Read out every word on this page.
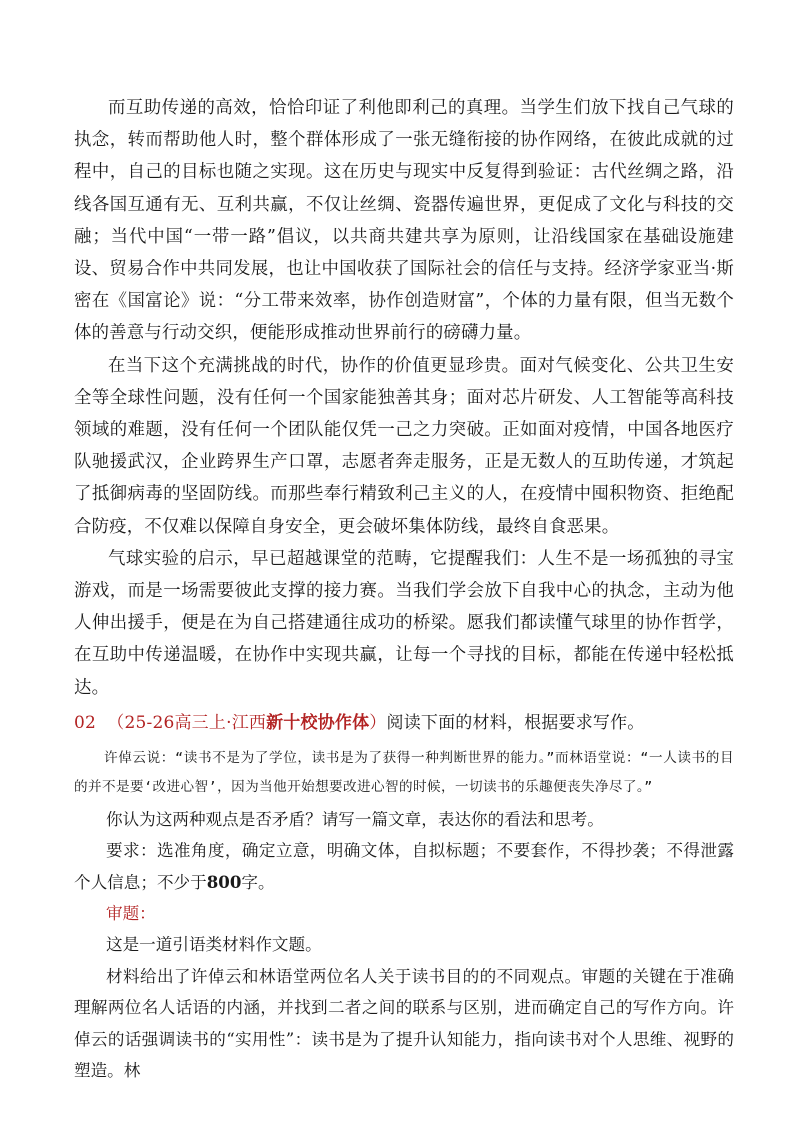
而互助传递的高效，恰恰印证了利他即利己的真理。当学生们放下找自己气球的执念，转而帮助他人时，整个群体形成了一张无缝衔接的协作网络，在彼此成就的过程中，自己的目标也随之实现。这在历史与现实中反复得到验证：古代丝绸之路，沿线各国互通有无、互利共赢，不仅让丝绸、瓷器传遍世界，更促成了文化与科技的交融；当代中国“一带一路”倡议，以共商共建共享为原则，让沿线国家在基础设施建设、贸易合作中共同发展，也让中国收获了国际社会的信任与支持。经济学家亚当·斯密在《国富论》说：“分工带来效率，协作创造财富”，个体的力量有限，但当无数个体的善意与行动交织，便能形成推动世界前行的磅礴力量。

在当下这个充满挑战的时代，协作的价值更显珍贵。面对气候变化、公共卫生安全等全球性问题，没有任何一个国家能独善其身；面对芯片研发、人工智能等高科技领域的难题，没有任何一个团队能仅凭一己之力突破。正如面对疫情，中国各地医疗队驰援武汉，企业跨界生产口罩，志愿者奔走服务，正是无数人的互助传递，才筑起了抵御病毒的坚固防线。而那些奉行精致利己主义的人，在疫情中囤积物资、拒绝配合防疫，不仅难以保障自身安全，更会破坏集体防线，最终自食恶果。

气球实验的启示，早已超越课堂的范畴，它提醒我们：人生不是一场孤独的寻宝游戏，而是一场需要彼此支撑的接力赛。当我们学会放下自我中心的执念，主动为他人伸出援手，便是在为自己搭建通往成功的桥梁。愿我们都读懂气球里的协作哲学，在互助中传递温暖，在协作中实现共赢，让每一个寻找的目标，都能在传递中轻松抵达。

02 （25-26高三上·江西新十校协作体）阅读下面的材料，根据要求写作。

许倬云说：“读书不是为了学位，读书是为了获得一种判断世界的能力。”而林语堂说：“一人读书的目的并不是要‘改进心智’，因为当他开始想要改进心智的时候，一切读书的乐趣便丧失净尽了。”

你认为这两种观点是否矛盾？请写一篇文章，表达你的看法和思考。

要求：选准角度，确定立意，明确文体，自拟标题；不要套作，不得抄袭；不得泄露个人信息；不少于800字。

审题：

这是一道引语类材料作文题。

材料给出了许倬云和林语堂两位名人关于读书目的的不同观点。审题的关键在于准确理解两位名人话语的内涵，并找到二者之间的联系与区别，进而确定自己的写作方向。许倬云的话强调读书的“实用性”：读书是为了提升认知能力，指向读书对个人思维、视野的塑造。林
